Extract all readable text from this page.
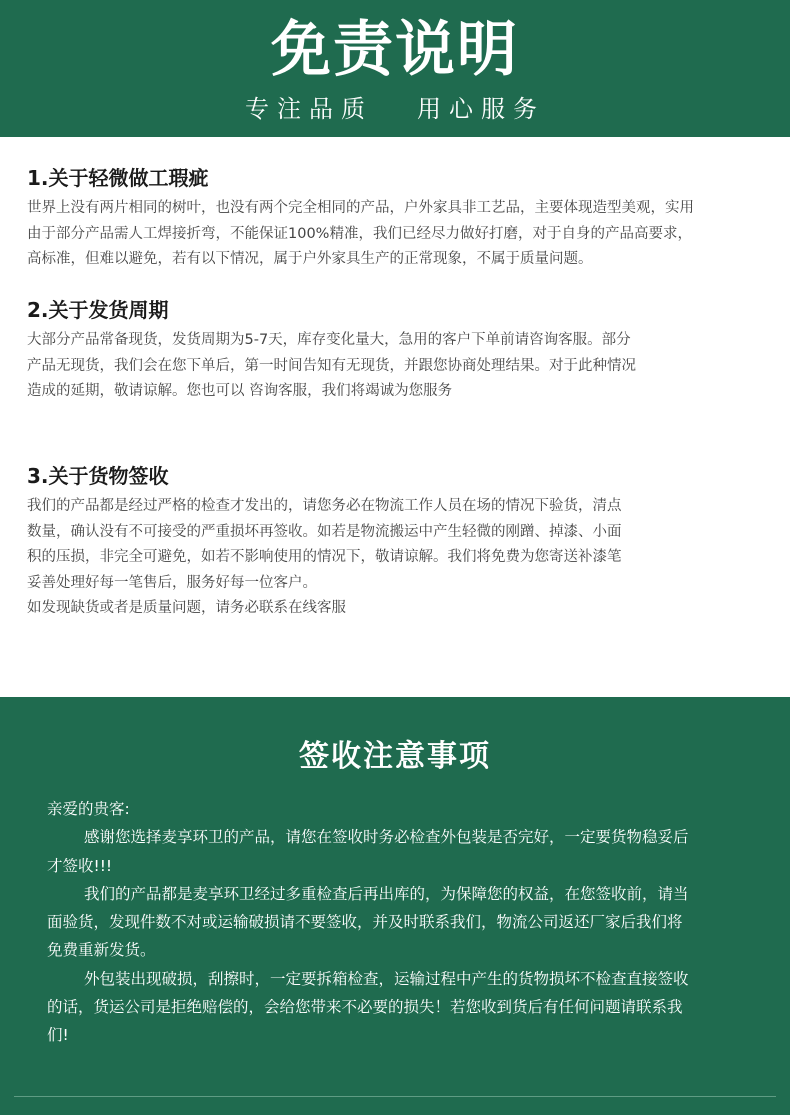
免责说明
专注品质 用心服务
1.关于轻微做工瑕疵

世界上没有两片相同的树叶，也没有两个完全相同的产品，户外家具非工艺品，主要体现造型美观，实用

由于部分产品需人工焊接折弯，不能保证100%精准，我们已经尽力做好打磨，对于自身的产品高要求，

高标准，但难以避免，若有以下情况，属于户外家具生产的正常现象，不属于质量问题。

2.关于发货周期

大部分产品常备现货，发货周期为5-7天，库存变化量大，急用的客户下单前请咨询客服。部分

产品无现货，我们会在您下单后，第一时间告知有无现货，并跟您协商处理结果。对于此种情况

造成的延期，敬请谅解。您也可以 咨询客服，我们将竭诚为您服务

3.关于货物签收

我们的产品都是经过严格的检查才发出的，请您务必在物流工作人员在场的情况下验货，清点

数量，确认没有不可接受的严重损坏再签收。如若是物流搬运中产生轻微的刚蹭、掉漆、小面

积的压损，非完全可避免，如若不影响使用的情况下，敬请谅解。我们将免费为您寄送补漆笔

妥善处理好每一笔售后，服务好每一位客户。

如发现缺货或者是质量问题，请务必联系在线客服

签收注意事项

亲爱的贵客:

感谢您选择麦享环卫的产品，请您在签收时务必检查外包装是否完好，一定要货物稳妥后

才签收!!!

我们的产品都是麦享环卫经过多重检查后再出库的，为保障您的权益，在您签收前，请当

面验货，发现件数不对或运输破损请不要签收，并及时联系我们，物流公司返还厂家后我们将

免费重新发货。

外包装出现破损，刮擦时，一定要拆箱检查，运输过程中产生的货物损坏不检查直接签收

的话，货运公司是拒绝赔偿的，会给您带来不必要的损失！若您收到货后有任何问题请联系我

们!
